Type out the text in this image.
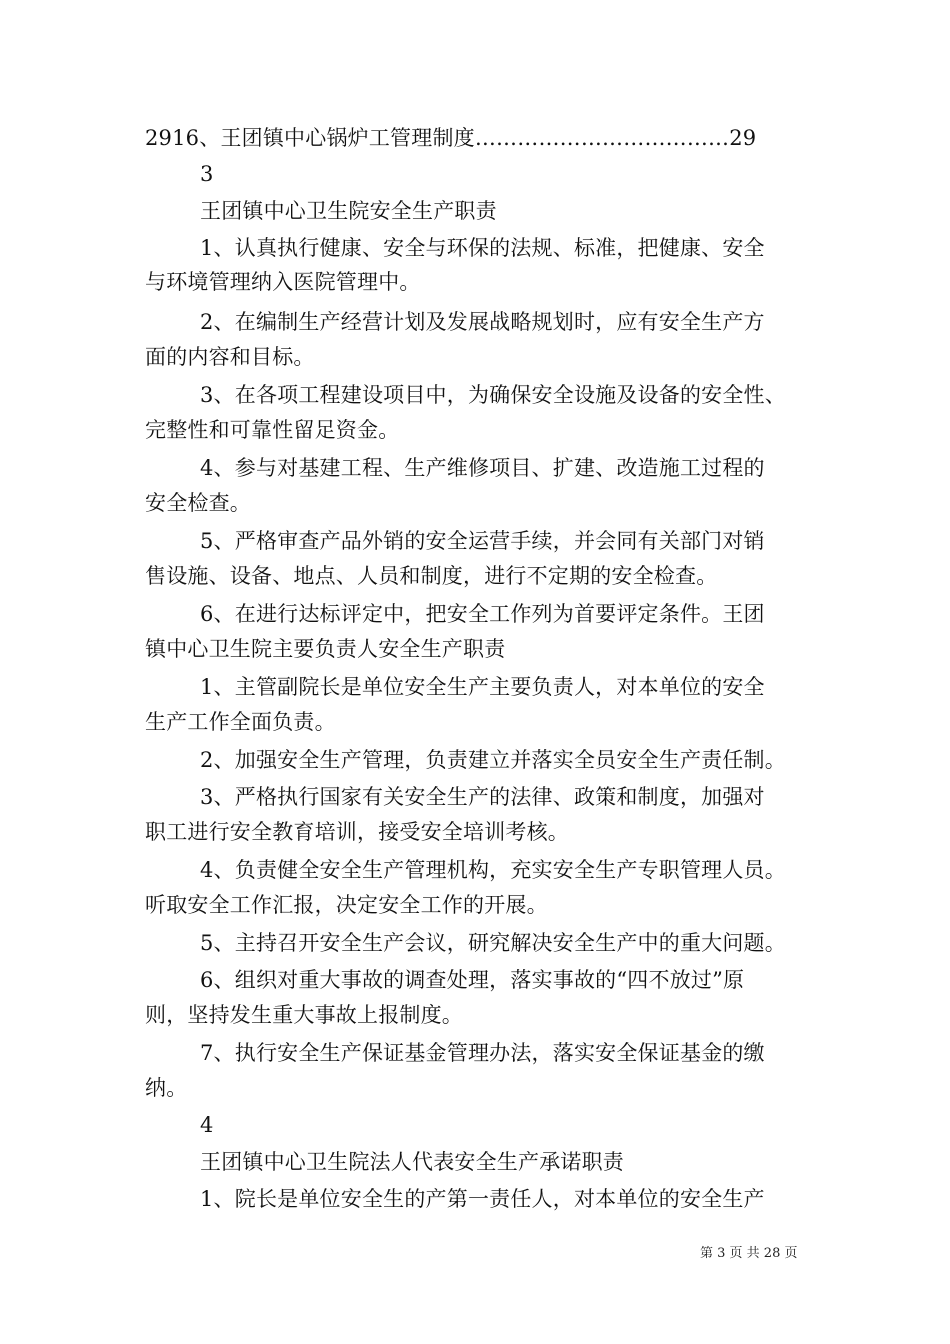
2916、王团镇中心锅炉工管理制度………………………………29
3
王团镇中心卫生院安全生产职责
1、认真执行健康、安全与环保的法规、标准，把健康、安全
与环境管理纳入医院管理中。
2、在编制生产经营计划及发展战略规划时，应有安全生产方
面的内容和目标。
3、在各项工程建设项目中，为确保安全设施及设备的安全性、
完整性和可靠性留足资金。
4、参与对基建工程、生产维修项目、扩建、改造施工过程的
安全检查。
5、严格审查产品外销的安全运营手续，并会同有关部门对销
售设施、设备、地点、人员和制度，进行不定期的安全检查。
6、在进行达标评定中，把安全工作列为首要评定条件。王团
镇中心卫生院主要负责人安全生产职责
1、主管副院长是单位安全生产主要负责人，对本单位的安全
生产工作全面负责。
2、加强安全生产管理，负责建立并落实全员安全生产责任制。
3、严格执行国家有关安全生产的法律、政策和制度，加强对
职工进行安全教育培训，接受安全培训考核。
4、负责健全安全生产管理机构，充实安全生产专职管理人员。
听取安全工作汇报，决定安全工作的开展。
5、主持召开安全生产会议，研究解决安全生产中的重大问题。
6、组织对重大事故的调查处理，落实事故的“四不放过”原
则，坚持发生重大事故上报制度。
7、执行安全生产保证基金管理办法，落实安全保证基金的缴
纳。
4
王团镇中心卫生院法人代表安全生产承诺职责
1、院长是单位安全生的产第一责任人，对本单位的安全生产
第 3 页 共 28 页
